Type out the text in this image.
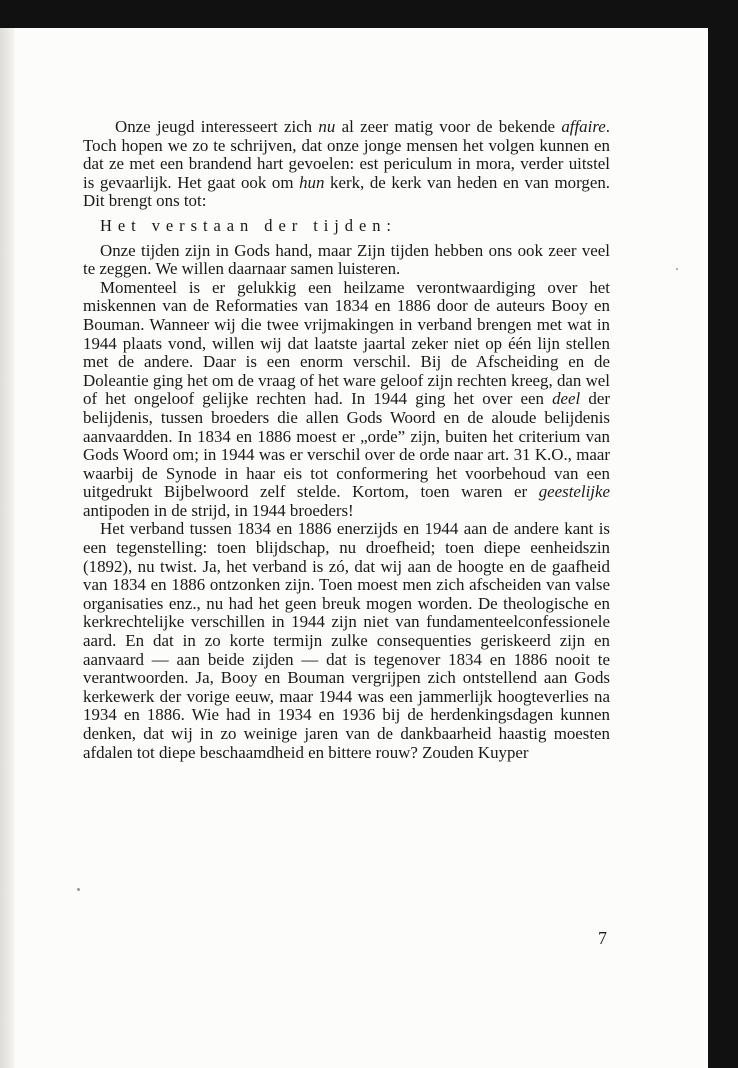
Onze jeugd interesseert zich nu al zeer matig voor de bekende affaire. Toch hopen we zo te schrijven, dat onze jonge mensen het volgen kunnen en dat ze met een brandend hart gevoelen: est periculum in mora, verder uitstel is gevaarlijk. Het gaat ook om hun kerk, de kerk van heden en van morgen. Dit brengt ons tot:

Het verstaan der tijden:

Onze tijden zijn in Gods hand, maar Zijn tijden hebben ons ook zeer veel te zeggen. We willen daarnaar samen luisteren.

Momenteel is er gelukkig een heilzame verontwaardiging over het miskennen van de Reformaties van 1834 en 1886 door de auteurs Booy en Bouman. Wanneer wij die twee vrijmakingen in verband brengen met wat in 1944 plaats vond, willen wij dat laatste jaartal zeker niet op één lijn stellen met de andere. Daar is een enorm verschil. Bij de Afscheiding en de Doleantie ging het om de vraag of het ware geloof zijn rechten kreeg, dan wel of het ongeloof gelijke rechten had. In 1944 ging het over een deel der belijdenis, tussen broeders die allen Gods Woord en de aloude belijdenis aanvaardden. In 1834 en 1886 moest er „orde” zijn, buiten het criterium van Gods Woord om; in 1944 was er verschil over de orde naar art. 31 K.O., maar waarbij de Synode in haar eis tot conformering het voorbehoud van een uitgedrukt Bijbelwoord zelf stelde. Kortom, toen waren er geestelijke antipoden in de strijd, in 1944 broeders!

Het verband tussen 1834 en 1886 enerzijds en 1944 aan de andere kant is een tegenstelling: toen blijdschap, nu droefheid; toen diepe eenheidszin (1892), nu twist. Ja, het verband is zó, dat wij aan de hoogte en de gaafheid van 1834 en 1886 ontzonken zijn. Toen moest men zich afscheiden van valse organisaties enz., nu had het geen breuk mogen worden. De theologische en kerkrechtelijke verschillen in 1944 zijn niet van fundamenteelconfessionele aard. En dat in zo korte termijn zulke consequenties geriskeerd zijn en aanvaard — aan beide zijden — dat is tegenover 1834 en 1886 nooit te verantwoorden. Ja, Booy en Bouman vergrijpen zich ontstellend aan Gods kerkewerk der vorige eeuw, maar 1944 was een jammerlijk hoogteverlies na 1934 en 1886. Wie had in 1934 en 1936 bij de herdenkingsdagen kunnen denken, dat wij in zo weinige jaren van de dankbaarheid haastig moesten afdalen tot diepe beschaamdheid en bittere rouw? Zouden Kuyper

7
